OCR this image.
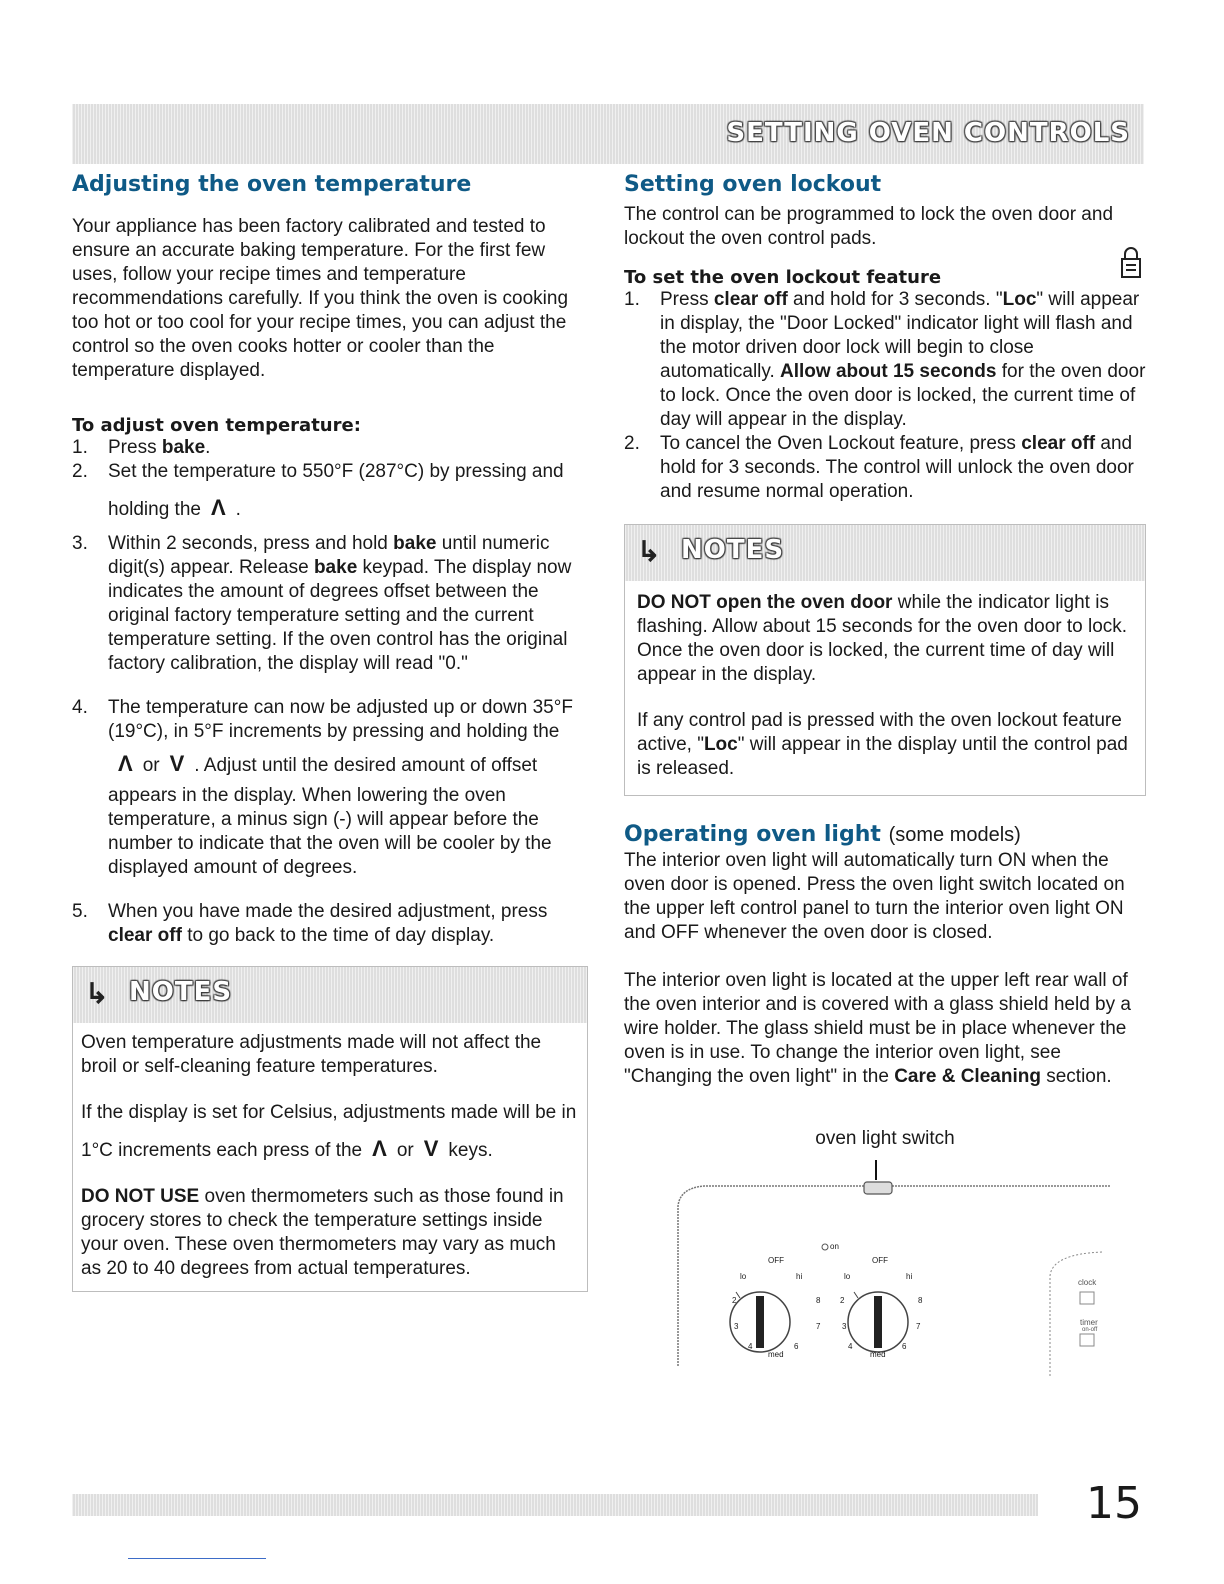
SETTING OVEN CONTROLS
Adjusting the oven temperature

Your appliance has been factory calibrated and tested to ensure an accurate baking temperature. For the first few uses, follow your recipe times and temperature recommendations carefully. If you think the oven is cooking too hot or too cool for your recipe times, you can adjust the control so the oven cooks hotter or cooler than the temperature displayed.

To adjust oven temperature:
1. Press bake.
2. Set the temperature to 550°F (287°C) by pressing and
holding the Λ .
3. Within 2 seconds, press and hold bake until numeric digit(s) appear. Release bake keypad. The display now indicates the amount of degrees offset between the original factory temperature setting and the current temperature setting. If the oven control has the original factory calibration, the display will read "0."
4. The temperature can now be adjusted up or down 35°F (19°C), in 5°F increments by pressing and holding the
Λ or V . Adjust until the desired amount of offset
appears in the display. When lowering the oven temperature, a minus sign (-) will appear before the number to indicate that the oven will be cooler by the displayed amount of degrees.
5. When you have made the desired adjustment, press clear off to go back to the time of day display.
↳ NOTES

Oven temperature adjustments made will not affect the broil or self-cleaning feature temperatures.

If the display is set for Celsius, adjustments made will be in
1°C increments each press of the Λ or V keys.

DO NOT USE oven thermometers such as those found in grocery stores to check the temperature settings inside your oven. These oven thermometers may vary as much as 20 to 40 degrees from actual temperatures.

Setting oven lockout

The control can be programmed to lock the oven door and lockout the oven control pads.

To set the oven lockout feature
1. Press clear off and hold for 3 seconds. "Loc" will appear in display, the "Door Locked" indicator light will flash and the motor driven door lock will begin to close automatically. Allow about 15 seconds for the oven door to lock. Once the oven door is locked, the current time of day will appear in the display.
2. To cancel the Oven Lockout feature, press clear off and hold for 3 seconds. The control will unlock the oven door and resume normal operation.
↳ NOTES

DO NOT open the oven door while the indicator light is flashing. Allow about 15 seconds for the oven door to lock. Once the oven door is locked, the current time of day will appear in the display.

If any control pad is pressed with the oven lockout feature active, "Loc" will appear in the display until the control pad is released.

Operating oven light (some models)

The interior oven light will automatically turn ON when the oven door is opened. Press the oven light switch located on the upper left control panel to turn the interior oven light ON and OFF whenever the oven door is closed.

The interior oven light is located at the upper left rear wall of the oven interior and is covered with a glass shield held by a wire holder. The glass shield must be in place whenever the oven is in use. To change the interior oven light, see "Changing the oven light" in the Care & Cleaning section.

oven light switch
on
OFF
lo	hi
2
3
4
med
6
7
8
OFF
lo	hi
2
3
4
med
6
7
8
clock
timer
on-off
15
